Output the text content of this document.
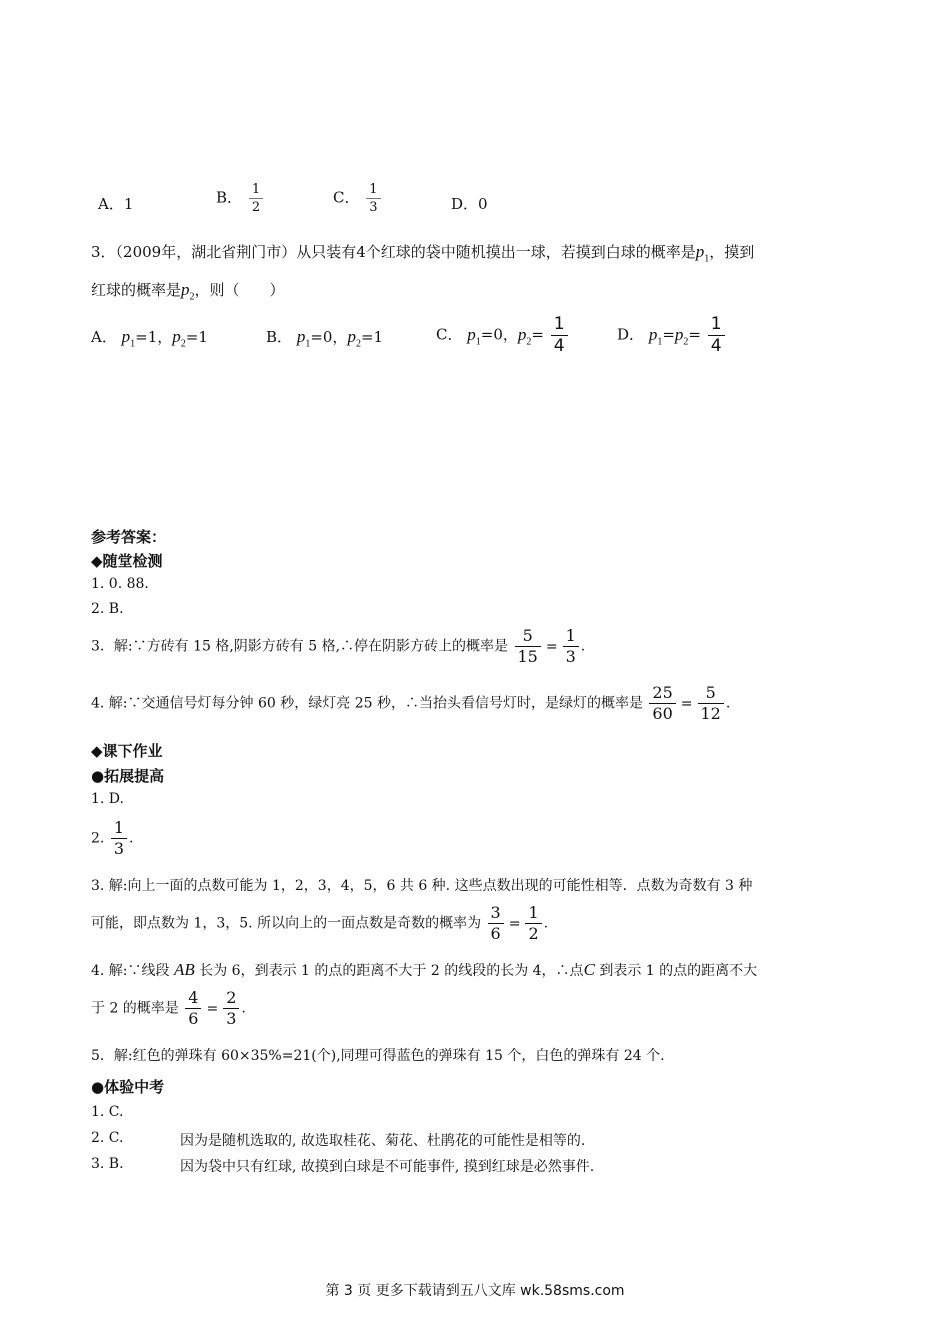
A．1	B． $\frac{1}{2}$	C． $\frac{1}{3}$	D．0
3．（2009年，湖北省荆门市）从只装有4个红球的袋中随机摸出一球，若摸到白球的概率是$p_1$，摸到
红球的概率是$p_2$，则（　　）
A． $p_1=1$，$p_2=1$	B． $p_1=0$，$p_2=1$	C． $p_1=0$，$p_2= \frac{1}{4}$	D． $p_1=p_2= \frac{1}{4}$
参考答案：
◆随堂检测
1. 0. 88.
2. B.
3．解:∵方砖有 15 格,阴影方砖有 5 格,∴停在阴影方砖上的概率是 $\frac{5}{15} = \frac{1}{3}$ .
4. 解:∵交通信号灯每分钟 60 秒，绿灯亮 25 秒，∴当抬头看信号灯时，是绿灯的概率是 $\frac{25}{60} = \frac{5}{12}$ .
◆课下作业
●拓展提高
1. D.
2. $\frac{1}{3}$ .
3. 解:向上一面的点数可能为 1，2，3，4，5，6 共 6 种. 这些点数出现的可能性相等．点数为奇数有 3 种
可能，即点数为 1，3，5. 所以向上的一面点数是奇数的概率为 $\frac{3}{6} = \frac{1}{2}$ .
4. 解:∵线段 AB 长为 6，到表示 1 的点的距离不大于 2 的线段的长为 4，∴点C 到表示 1 的点的距离不大
于 2 的概率是 $\frac{4}{6} = \frac{2}{3}$ .
5．解:红色的弹珠有 60×35%=21(个),同理可得蓝色的弹珠有 15 个，白色的弹珠有 24 个.
●体验中考
1. C.
2. C.	因为是随机选取的, 故选取桂花、菊花、杜鹃花的可能性是相等的.
3. B.	因为袋中只有红球, 故摸到白球是不可能事件, 摸到红球是必然事件.
第 3 页 更多下载请到五八文库 wk.58sms.com
